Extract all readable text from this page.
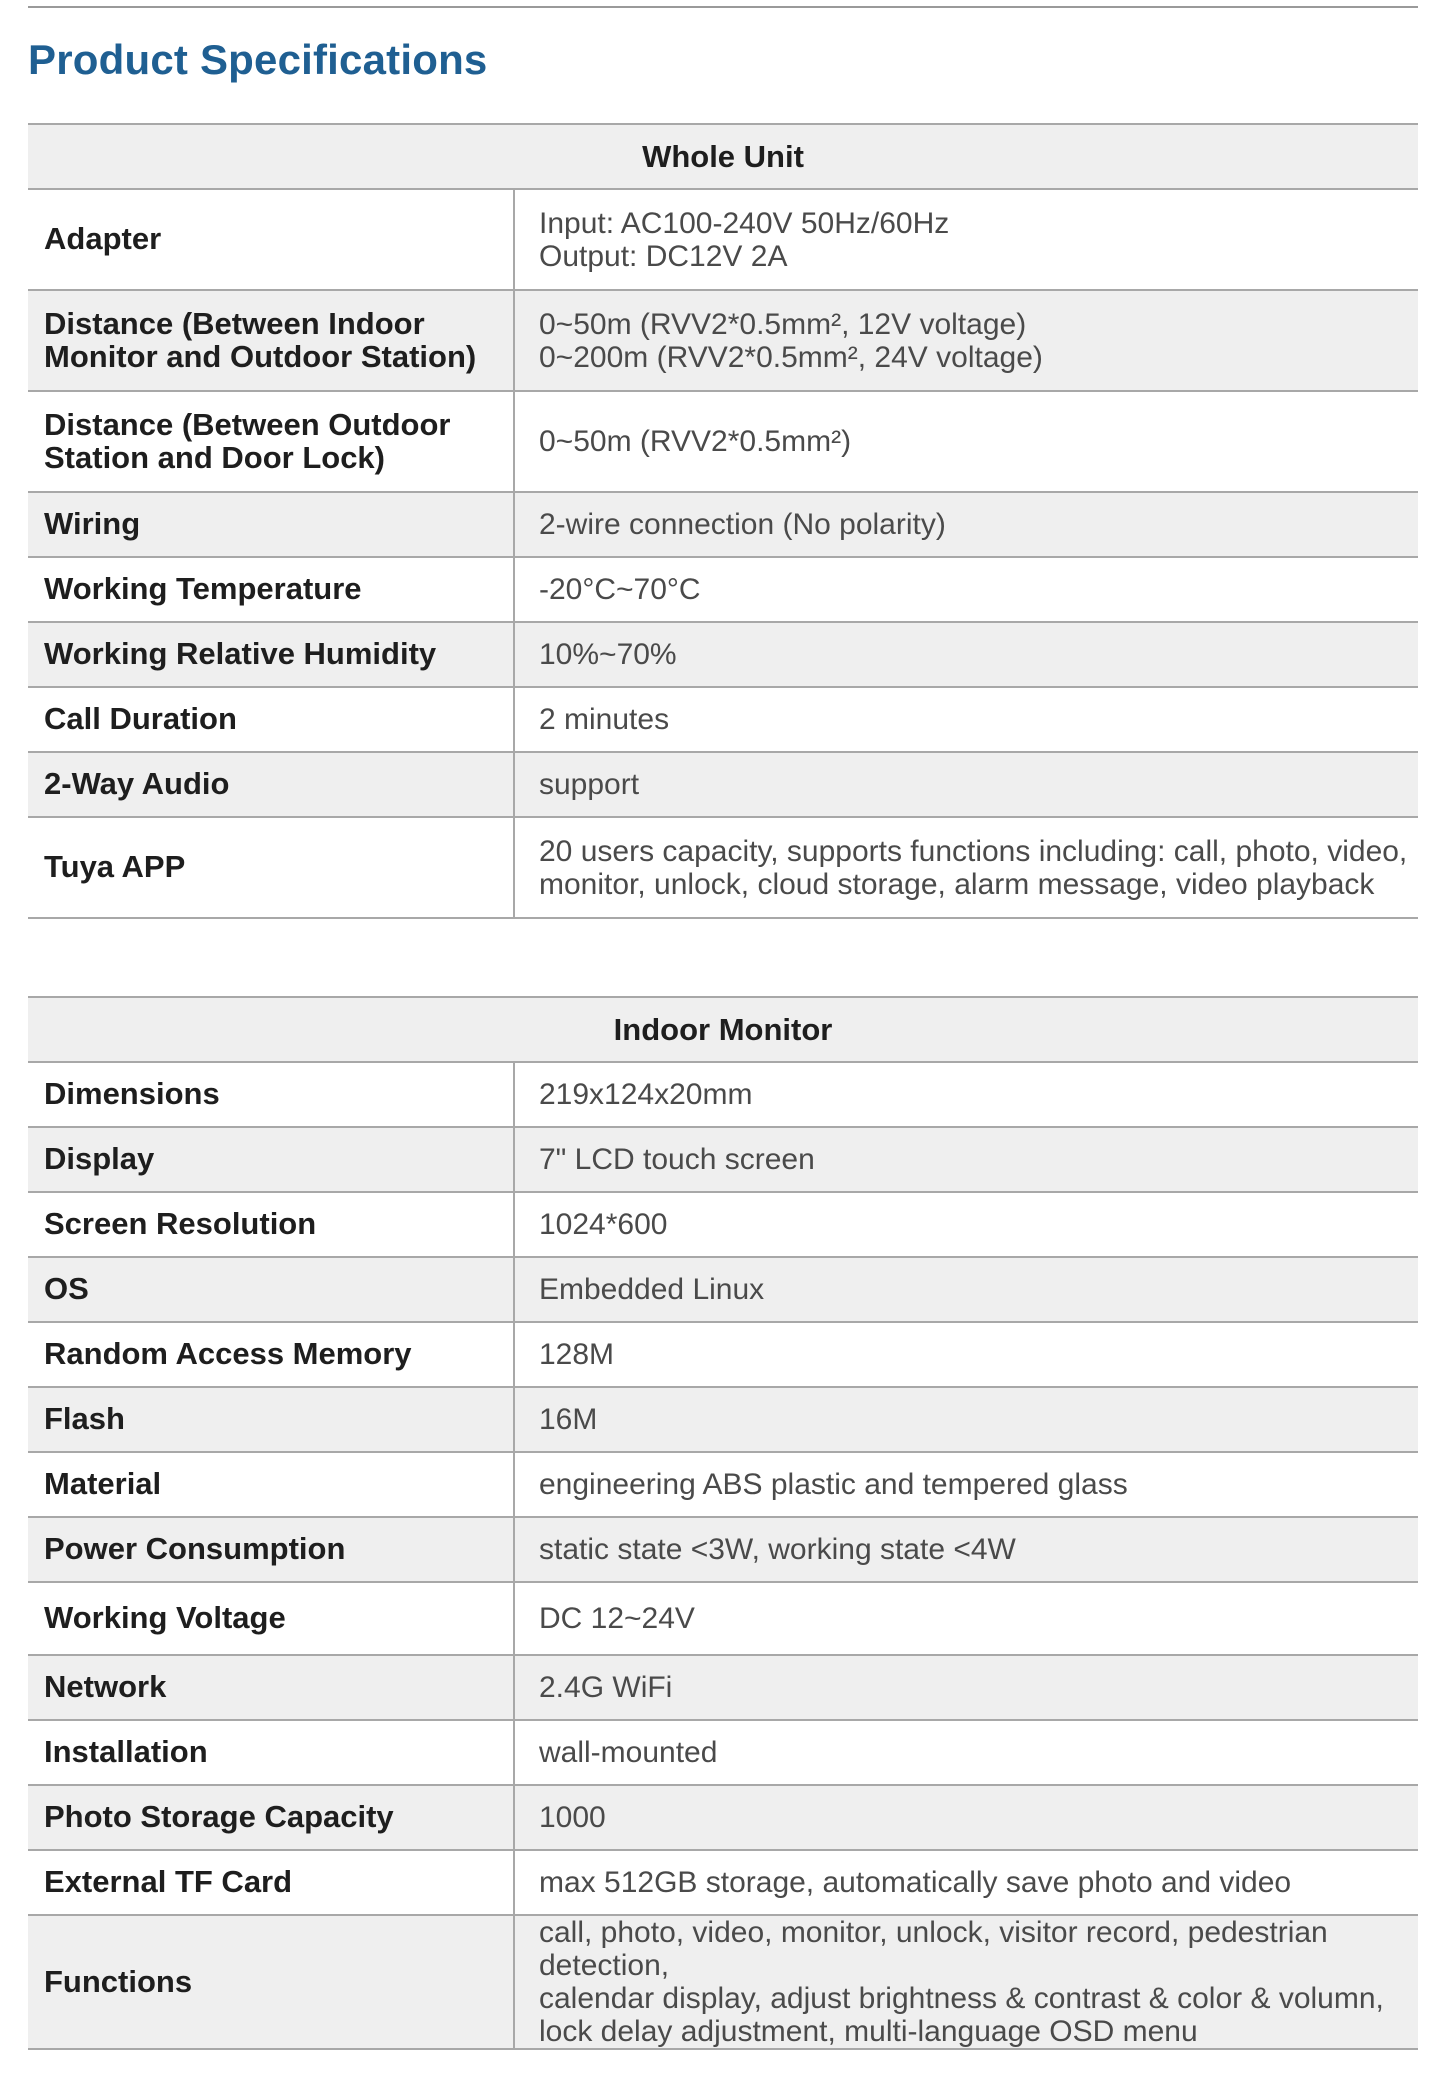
Product Specifications
Whole Unit	

Adapter	Input: AC100-240V 50Hz/60Hz
Output: DC12V 2A

Distance (Between Indoor
Monitor and Outdoor Station)	0~50m (RVV2*0.5mm², 12V voltage)
0~200m (RVV2*0.5mm², 24V voltage)

Distance (Between Outdoor
Station and Door Lock)	0~50m (RVV2*0.5mm²)

Wiring	2-wire connection (No polarity)

Working Temperature	-20°C~70°C

Working Relative Humidity	10%~70%

Call Duration	2 minutes

2-Way Audio	support

Tuya APP	20 users capacity, supports functions including: call, photo, video,
monitor, unlock, cloud storage, alarm message, video playback
Indoor Monitor	

Dimensions	219x124x20mm

Display	7" LCD touch screen

Screen Resolution	1024*600

OS	Embedded Linux

Random Access Memory	128M

Flash	16M

Material	engineering ABS plastic and tempered glass

Power Consumption	static state <3W, working state <4W

Working Voltage	DC 12~24V

Network	2.4G WiFi

Installation	wall-mounted

Photo Storage Capacity	1000

External TF Card	max 512GB storage, automatically save photo and video

Functions	call, photo, video, monitor, unlock, visitor record, pedestrian detection,
calendar display, adjust brightness & contrast & color & volumn,
lock delay adjustment, multi-language OSD menu
